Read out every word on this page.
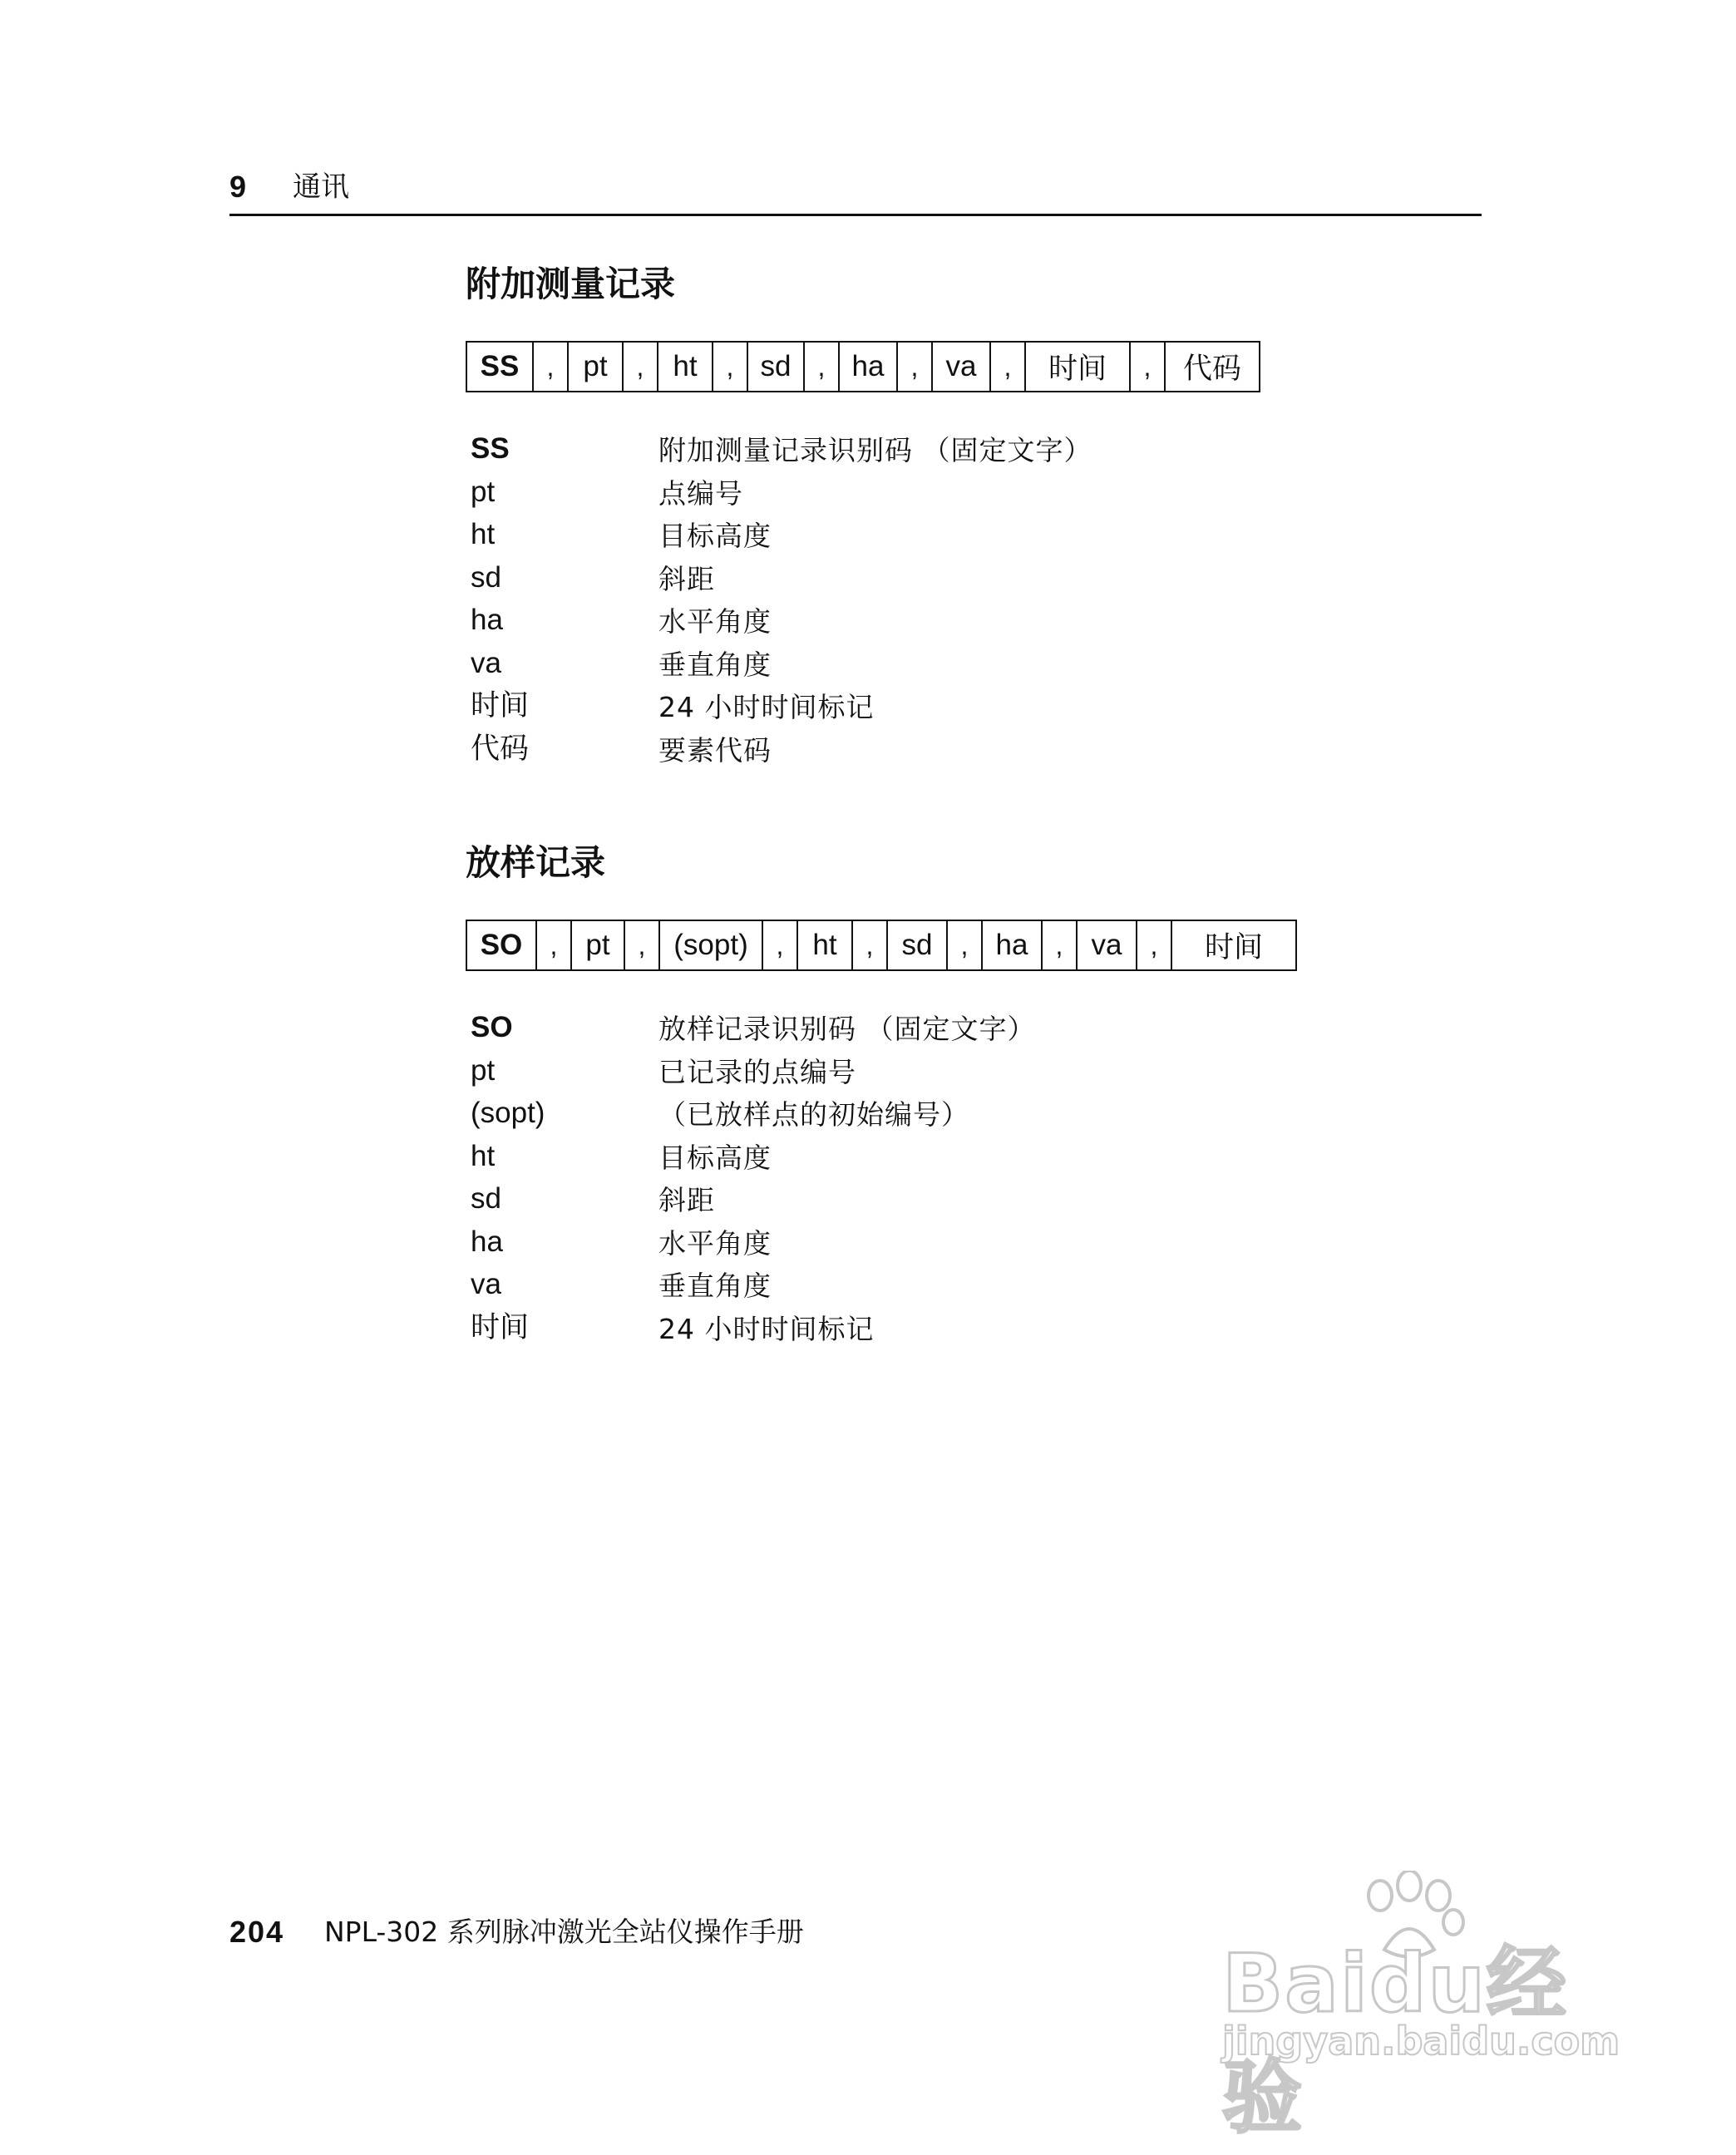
9 通讯
附加测量记录
SS	, pt	, ht	, sd	, ha	, va	,	时间	,	代码
SS	附加测量记录识别码 （固定文字）
pt	点编号
ht	目标高度
sd	斜距
ha	水平角度
va	垂直角度
时间	24 小时时间标记
代码	要素代码
放样记录
SO	, pt	, (sopt)	, ht	, sd	, ha	, va	,	时间
SO	放样记录识别码 （固定文字）
pt	已记录的点编号
(sopt)	（已放样点的初始编号）
ht	目标高度
sd	斜距
ha	水平角度
va	垂直角度
时间	24 小时时间标记
204 NPL-302 系列脉冲激光全站仪操作手册
Baidu经验
jingyan.baidu.com
